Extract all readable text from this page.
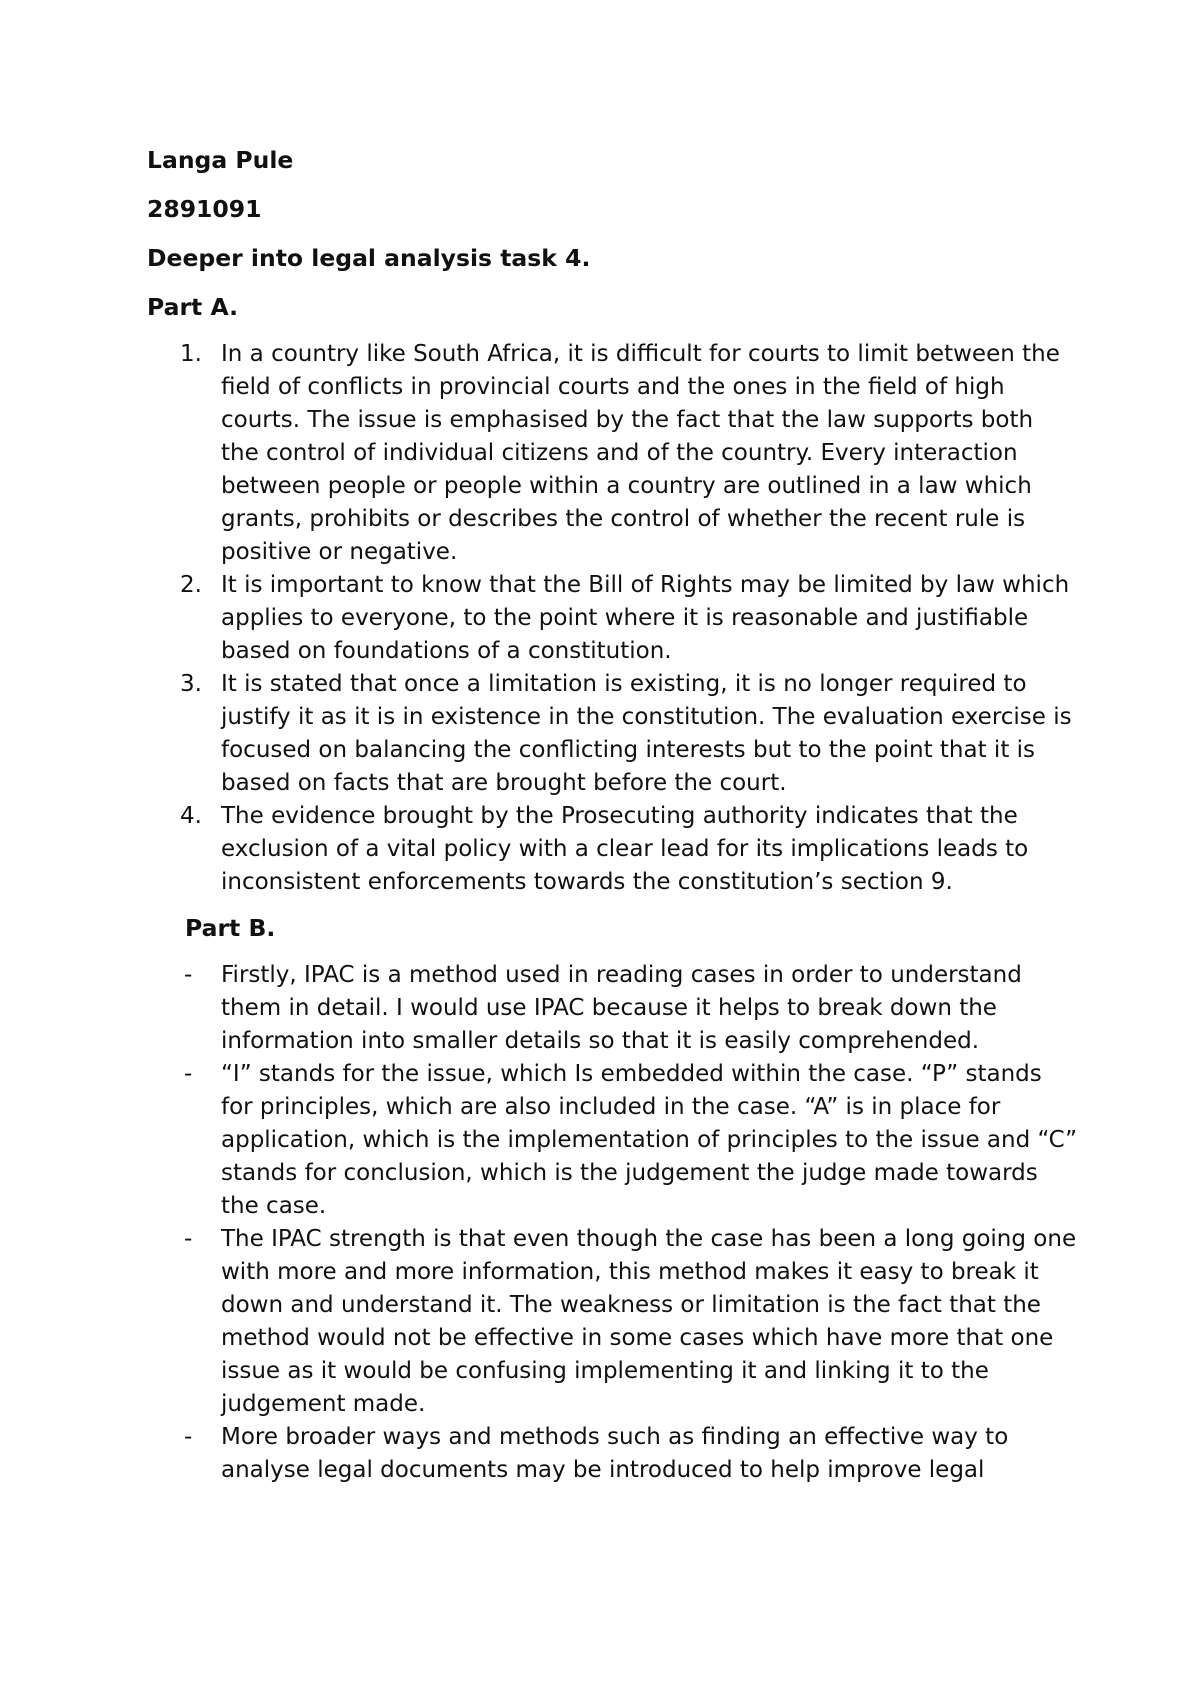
Langa Pule
2891091
Deeper into legal analysis task 4.
Part A.
1. In a country like South Africa, it is difficult for courts to limit between the field of conflicts in provincial courts and the ones in the field of high courts. The issue is emphasised by the fact that the law supports both the control of individual citizens and of the country. Every interaction between people or people within a country are outlined in a law which grants, prohibits or describes the control of whether the recent rule is positive or negative.
2. It is important to know that the Bill of Rights may be limited by law which applies to everyone, to the point where it is reasonable and justifiable based on foundations of a constitution.
3. It is stated that once a limitation is existing, it is no longer required to justify it as it is in existence in the constitution. The evaluation exercise is focused on balancing the conflicting interests but to the point that it is based on facts that are brought before the court.
4. The evidence brought by the Prosecuting authority indicates that the exclusion of a vital policy with a clear lead for its implications leads to inconsistent enforcements towards the constitution’s section 9.
Part B.
-	Firstly, IPAC is a method used in reading cases in order to understand them in detail. I would use IPAC because it helps to break down the information into smaller details so that it is easily comprehended.
-	“I” stands for the issue, which Is embedded within the case. “P” stands for principles, which are also included in the case. “A” is in place for application, which is the implementation of principles to the issue and “C” stands for conclusion, which is the judgement the judge made towards the case.
-	The IPAC strength is that even though the case has been a long going one with more and more information, this method makes it easy to break it down and understand it. The weakness or limitation is the fact that the method would not be effective in some cases which have more that one issue as it would be confusing implementing it and linking it to the judgement made.
-	More broader ways and methods such as finding an effective way to analyse legal documents may be introduced to help improve legal
